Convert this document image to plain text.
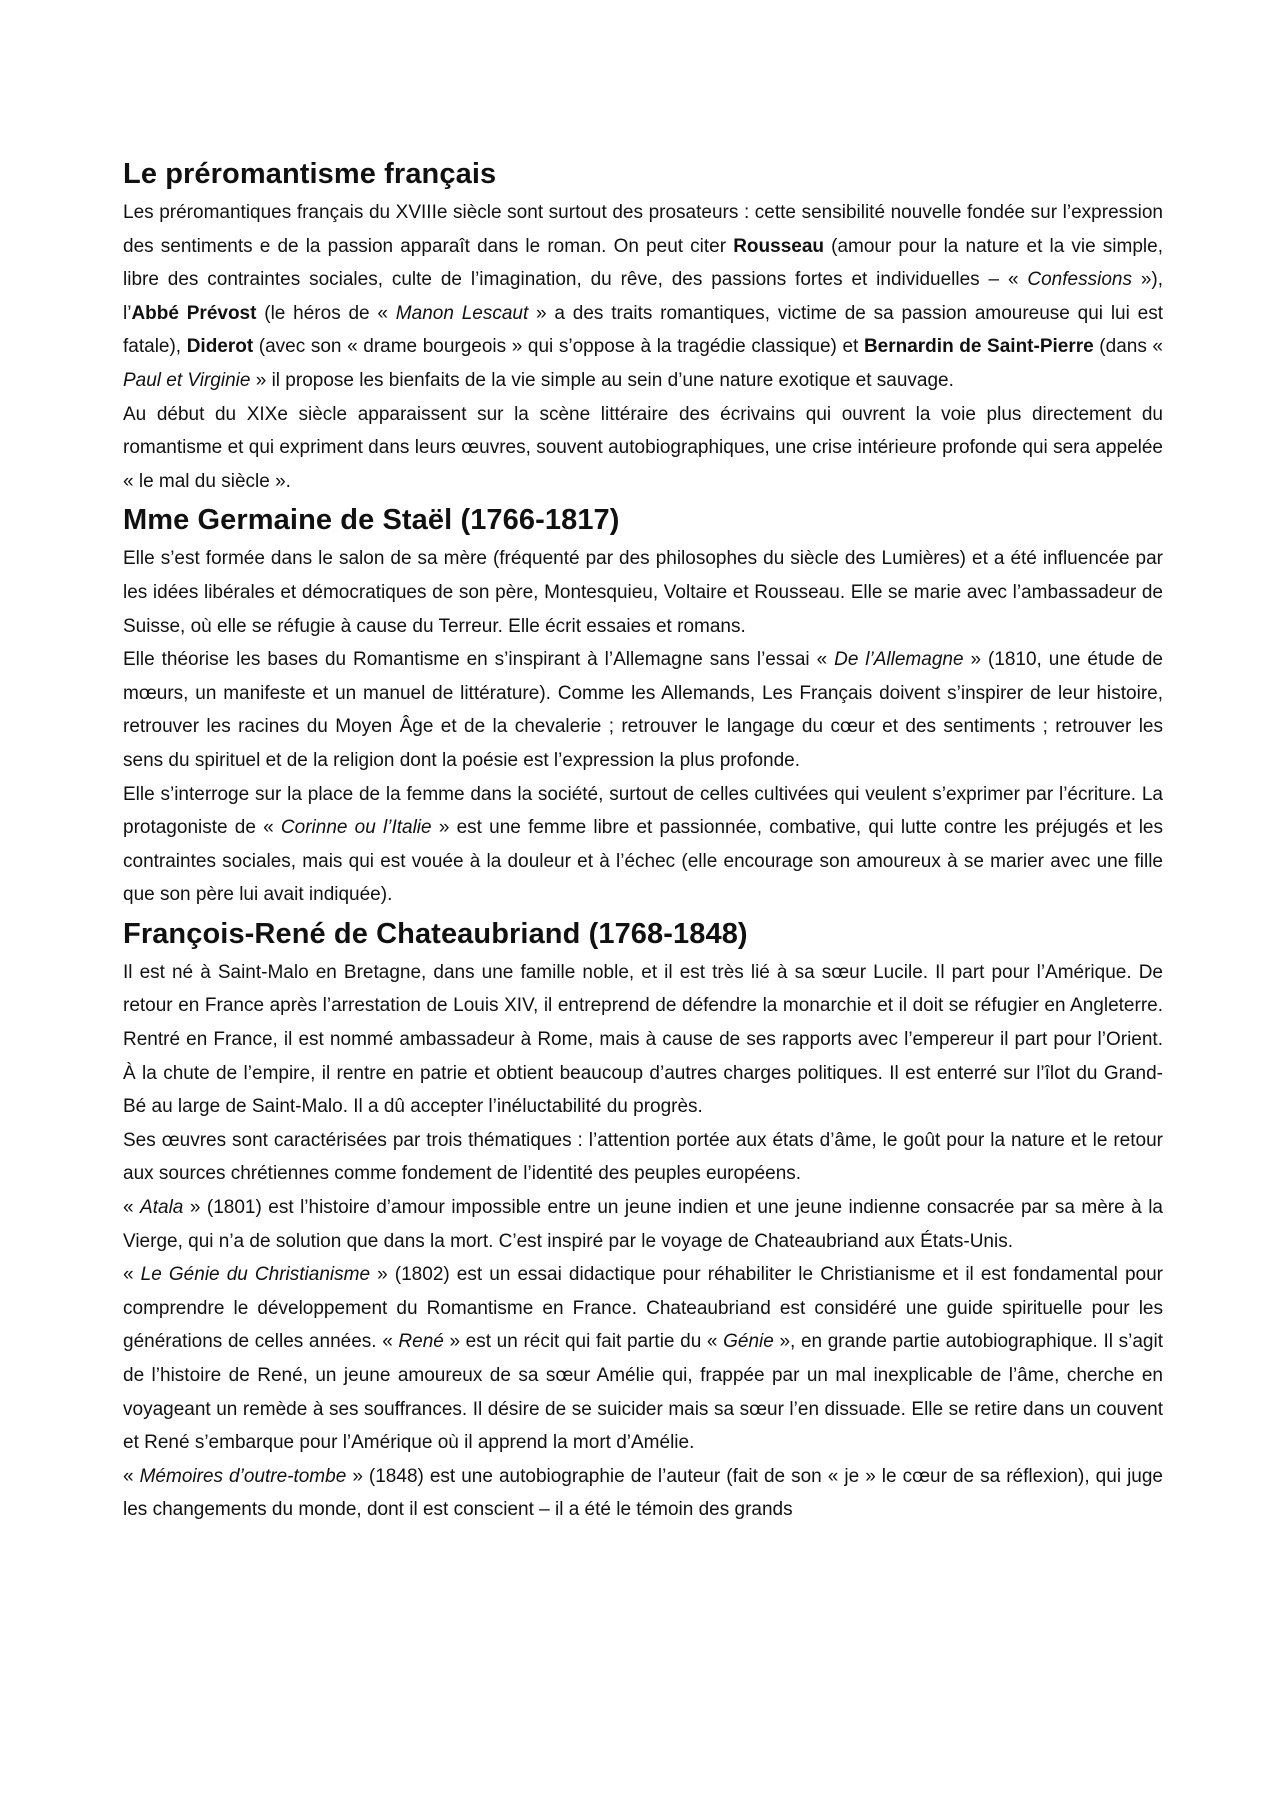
Le préromantisme français

Les préromantiques français du XVIIIe siècle sont surtout des prosateurs : cette sensibilité nouvelle fondée sur l’expression des sentiments e de la passion apparaît dans le roman. On peut citer Rousseau (amour pour la nature et la vie simple, libre des contraintes sociales, culte de l’imagination, du rêve, des passions fortes et individuelles – « Confessions »), l’Abbé Prévost (le héros de « Manon Lescaut » a des traits romantiques, victime de sa passion amoureuse qui lui est fatale), Diderot (avec son « drame bourgeois » qui s’oppose à la tragédie classique) et Bernardin de Saint-Pierre (dans « Paul et Virginie » il propose les bienfaits de la vie simple au sein d’une nature exotique et sauvage.

Au début du XIXe siècle apparaissent sur la scène littéraire des écrivains qui ouvrent la voie plus directement du romantisme et qui expriment dans leurs œuvres, souvent autobiographiques, une crise intérieure profonde qui sera appelée « le mal du siècle ».

Mme Germaine de Staël (1766-1817)

Elle s’est formée dans le salon de sa mère (fréquenté par des philosophes du siècle des Lumières) et a été influencée par les idées libérales et démocratiques de son père, Montesquieu, Voltaire et Rousseau. Elle se marie avec l’ambassadeur de Suisse, où elle se réfugie à cause du Terreur. Elle écrit essaies et romans.

Elle théorise les bases du Romantisme en s’inspirant à l’Allemagne sans l’essai « De l’Allemagne » (1810, une étude de mœurs, un manifeste et un manuel de littérature). Comme les Allemands, Les Français doivent s’inspirer de leur histoire, retrouver les racines du Moyen Âge et de la chevalerie ; retrouver le langage du cœur et des sentiments ; retrouver les sens du spirituel et de la religion dont la poésie est l’expression la plus profonde.

Elle s’interroge sur la place de la femme dans la société, surtout de celles cultivées qui veulent s’exprimer par l’écriture. La protagoniste de « Corinne ou l’Italie » est une femme libre et passionnée, combative, qui lutte contre les préjugés et les contraintes sociales, mais qui est vouée à la douleur et à l’échec (elle encourage son amoureux à se marier avec une fille que son père lui avait indiquée).

François-René de Chateaubriand (1768-1848)

Il est né à Saint-Malo en Bretagne, dans une famille noble, et il est très lié à sa sœur Lucile. Il part pour l’Amérique. De retour en France après l’arrestation de Louis XIV, il entreprend de défendre la monarchie et il doit se réfugier en Angleterre. Rentré en France, il est nommé ambassadeur à Rome, mais à cause de ses rapports avec l’empereur il part pour l’Orient. À la chute de l’empire, il rentre en patrie et obtient beaucoup d’autres charges politiques. Il est enterré sur l’îlot du Grand-Bé au large de Saint-Malo. Il a dû accepter l’inéluctabilité du progrès.

Ses œuvres sont caractérisées par trois thématiques : l’attention portée aux états d’âme, le goût pour la nature et le retour aux sources chrétiennes comme fondement de l’identité des peuples européens.

« Atala » (1801) est l’histoire d’amour impossible entre un jeune indien et une jeune indienne consacrée par sa mère à la Vierge, qui n’a de solution que dans la mort. C’est inspiré par le voyage de Chateaubriand aux États-Unis.

« Le Génie du Christianisme » (1802) est un essai didactique pour réhabiliter le Christianisme et il est fondamental pour comprendre le développement du Romantisme en France. Chateaubriand est considéré une guide spirituelle pour les générations de celles années. « René » est un récit qui fait partie du « Génie », en grande partie autobiographique. Il s’agit de l’histoire de René, un jeune amoureux de sa sœur Amélie qui, frappée par un mal inexplicable de l’âme, cherche en voyageant un remède à ses souffrances. Il désire de se suicider mais sa sœur l’en dissuade. Elle se retire dans un couvent et René s’embarque pour l’Amérique où il apprend la mort d’Amélie.

« Mémoires d’outre-tombe » (1848) est une autobiographie de l’auteur (fait de son « je » le cœur de sa réflexion), qui juge les changements du monde, dont il est conscient – il a été le témoin des grands
